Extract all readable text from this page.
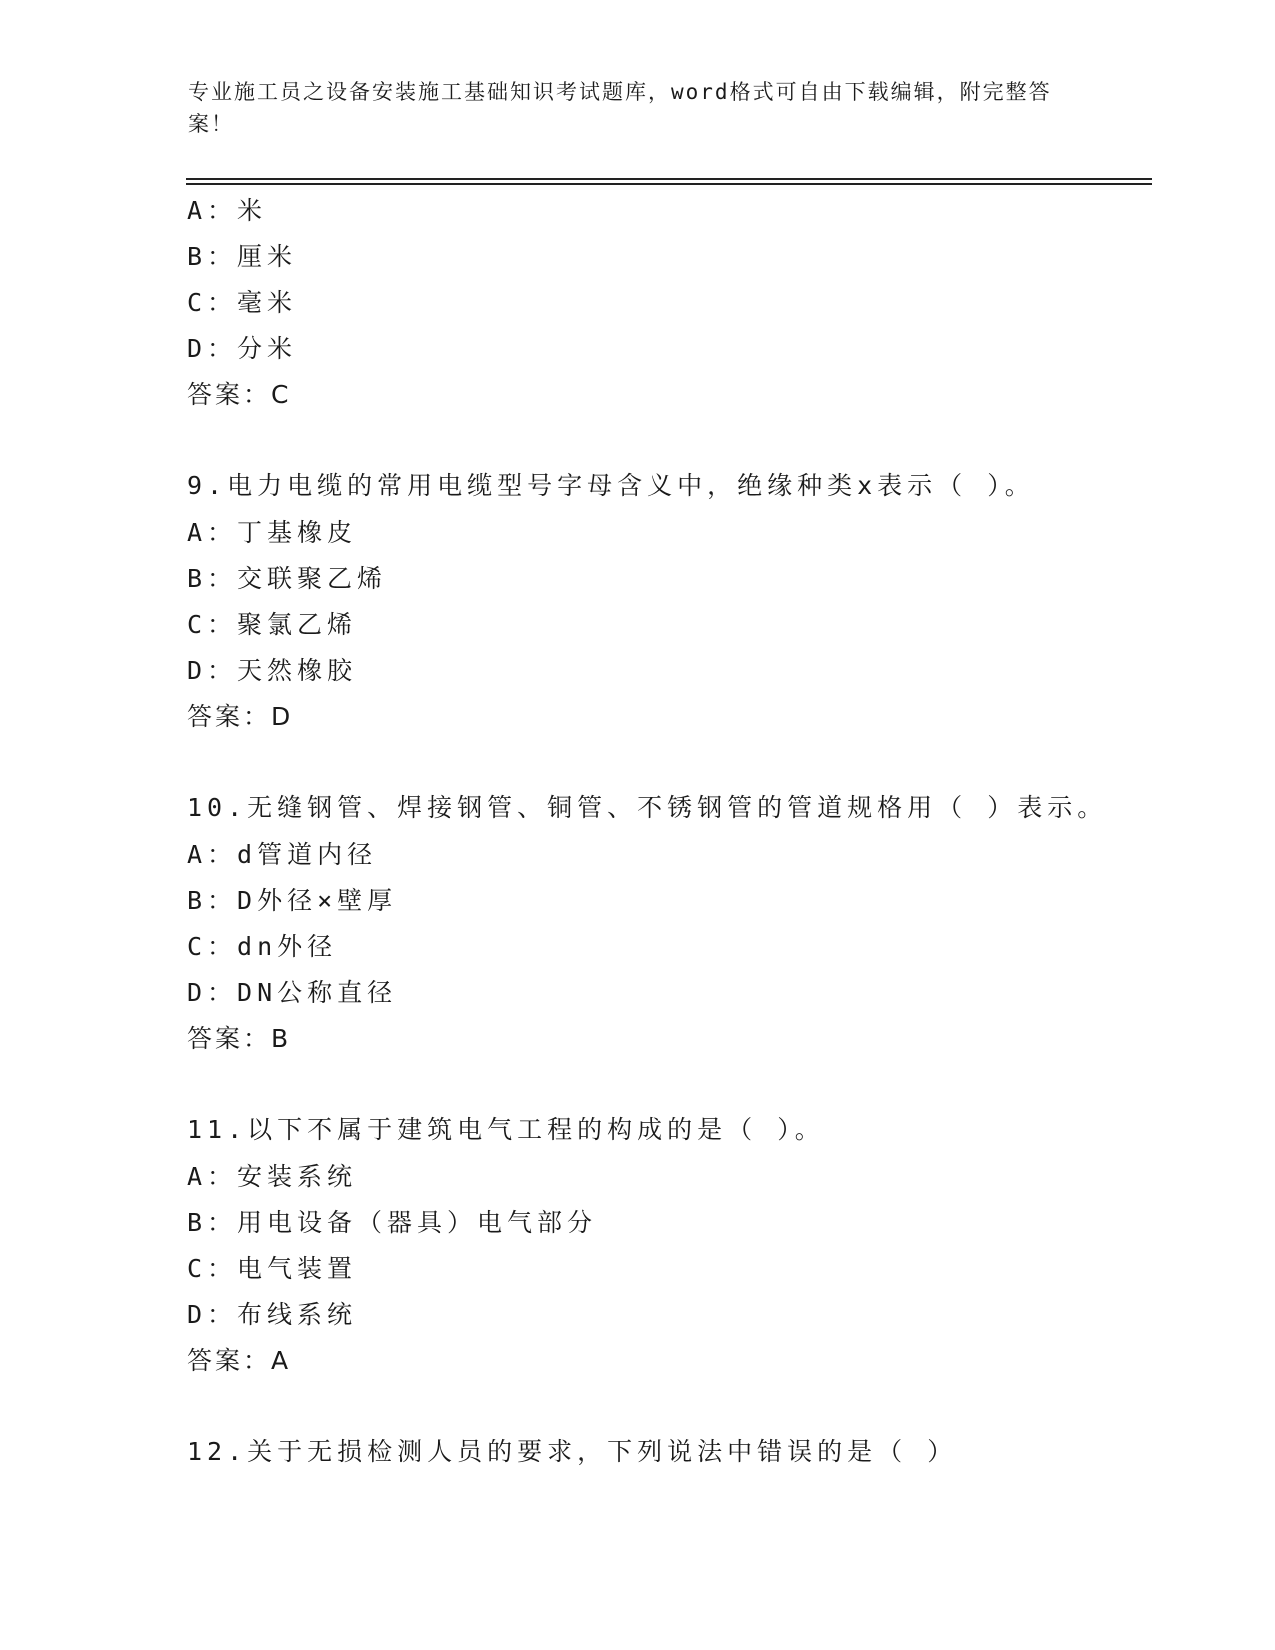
专业施工员之设备安装施工基础知识考试题库，word格式可自由下载编辑，附完整答案！
A：米
B：厘米
C：毫米
D：分米
答案：C
9.电力电缆的常用电缆型号字母含义中，绝缘种类x表示（ ）。
A：丁基橡皮
B：交联聚乙烯
C：聚氯乙烯
D：天然橡胶
答案：D
10.无缝钢管、焊接钢管、铜管、不锈钢管的管道规格用（ ）表示。
A：d管道内径
B：D外径×壁厚
C：dn外径
D：DN公称直径
答案：B
11.以下不属于建筑电气工程的构成的是（ ）。
A：安装系统
B：用电设备（器具）电气部分
C：电气装置
D：布线系统
答案：A
12.关于无损检测人员的要求，下列说法中错误的是（ ）
